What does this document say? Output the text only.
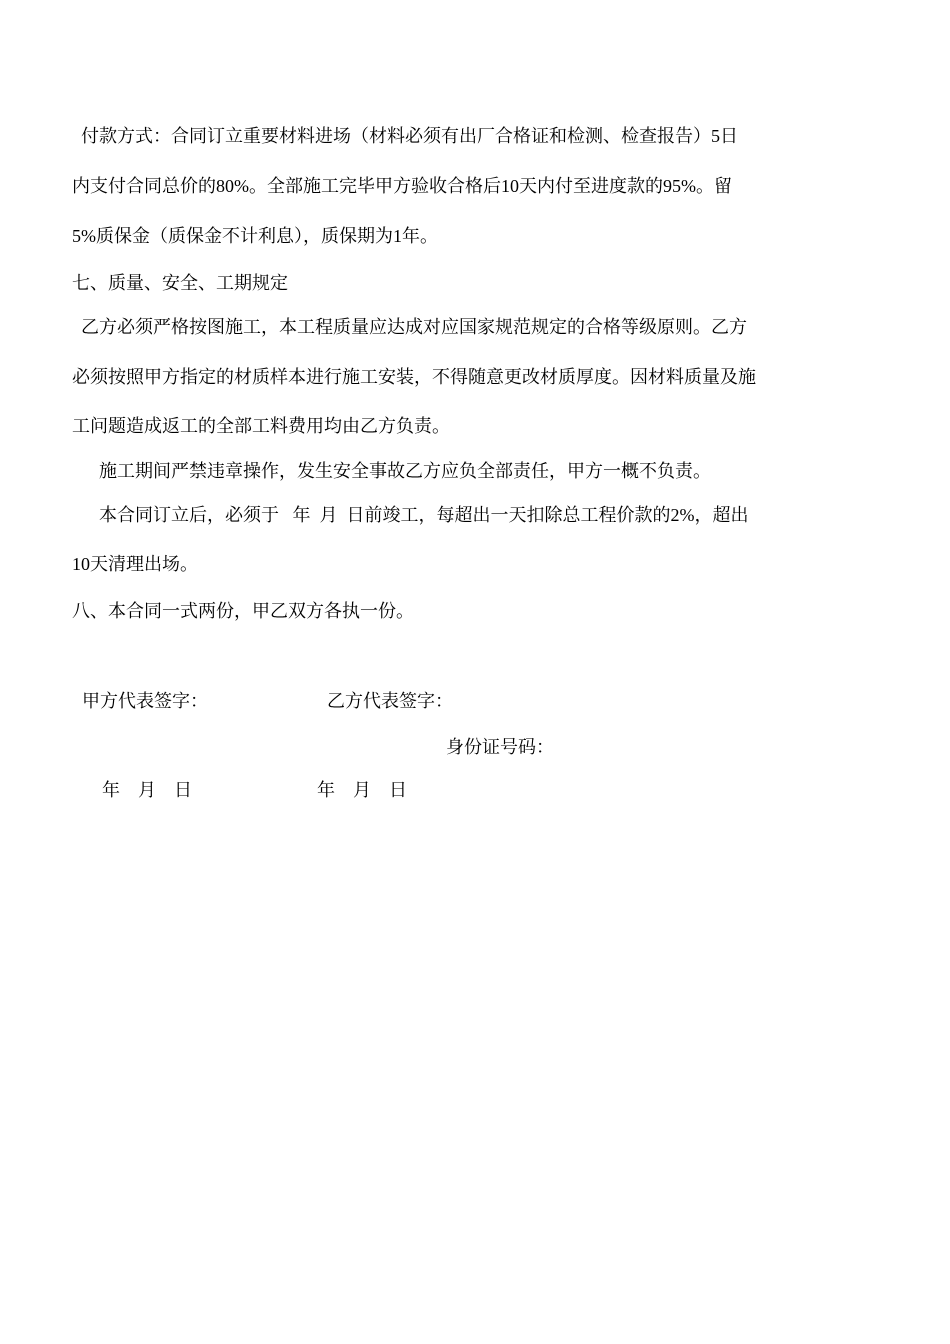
付款方式：合同订立重要材料进场（材料必须有出厂合格证和检测、检查报告）5日
内支付合同总价的80%。全部施工完毕甲方验收合格后10天内付至进度款的95%。留
5%质保金（质保金不计利息），质保期为1年。
七、质量、安全、工期规定
乙方必须严格按图施工，本工程质量应达成对应国家规范规定的合格等级原则。乙方
必须按照甲方指定的材质样本进行施工安装，不得随意更改材质厚度。因材料质量及施
工问题造成返工的全部工料费用均由乙方负责。
施工期间严禁违章操作，发生安全事故乙方应负全部责任，甲方一概不负责。
本合同订立后，必须于   年  月  日前竣工，每超出一天扣除总工程价款的2%，超出
10天清理出场。
八、本合同一式两份，甲乙双方各执一份。
甲方代表签字：	乙方代表签字：
身份证号码：
年    月    日	年    月    日
